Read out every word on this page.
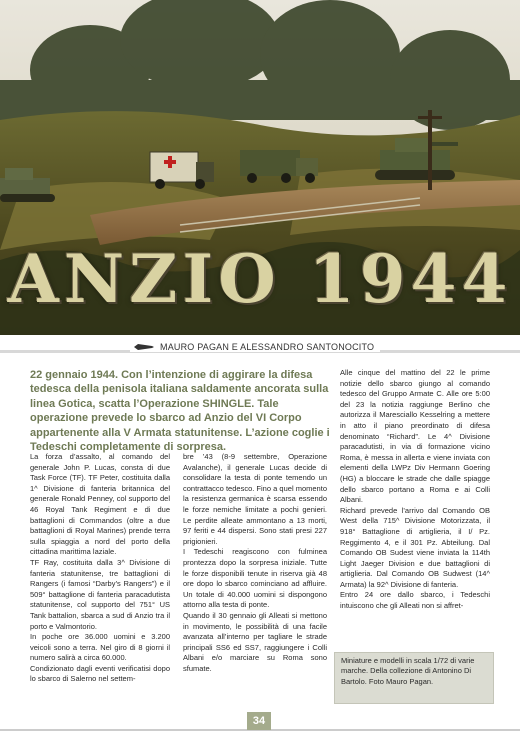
ANZIO 1944
MAURO PAGAN E ALESSANDRO SANTONOCITO
22 gennaio 1944. Con l’intenzione di aggirare la difesa tedesca della penisola italiana saldamente ancorata sulla linea Gotica, scatta l’Operazione SHINGLE. Tale operazione prevede lo sbarco ad Anzio del VI Corpo appartenente alla V Armata statunitense. L’azione coglie i Tedeschi completamente di sorpresa.

La forza d’assalto, al comando del generale John P. Lucas, consta di due Task Force (TF). TF Peter, costituita dalla 1^ Divisione di fanteria britannica del generale Ronald Penney, col supporto del 46 Royal Tank Regiment e di due battaglioni di Commandos (oltre a due battaglioni di Royal Marines) prende terra sulla spiaggia a nord del porto della cittadina marittima laziale.

TF Ray, costituita dalla 3^ Divisione di fanteria statunitense, tre battaglioni di Rangers (i famosi “Darby’s Rangers”) e il 509° battaglione di fanteria paracadutista statunitense, col supporto del 751° US Tank battalion, sbarca a sud di Anzio tra il porto e Valmontorio.

In poche ore 36.000 uomini e 3.200 veicoli sono a terra. Nel giro di 8 giorni il numero salirà a circa 60.000.

Condizionato dagli eventi verificatisi dopo lo sbarco di Salerno nel settem-

bre ’43 (8-9 settembre, Operazione Avalanche), il generale Lucas decide di consolidare la testa di ponte temendo un contrattacco tedesco. Fino a quel momento la resistenza germanica è scarsa essendo le forze nemiche limitate a pochi genieri. Le perdite alleate ammontano a 13 morti, 97 feriti e 44 dispersi. Sono stati presi 227 prigionieri.

I Tedeschi reagiscono con fulminea prontezza dopo la sorpresa iniziale. Tutte le forze disponibili tenute in riserva già 48 ore dopo lo sbarco cominciano ad affluire. Un totale di 40.000 uomini si dispongono attorno alla testa di ponte.

Quando il 30 gennaio gli Alleati si mettono in movimento, le possibilità di una facile avanzata all’interno per tagliare le strade principali SS6 ed SS7, raggiungere i Colli Albani e/o marciare su Roma sono sfumate.

Alle cinque del mattino del 22 le prime notizie dello sbarco giungo al comando tedesco del Gruppo Armate C. Alle ore 5:00 del 23 la notizia raggiunge Berlino che autorizza il Maresciallo Kesselring a mettere in atto il piano preordinato di difesa denominato “Richard”. Le 4^ Divisione paracadutisti, in via di formazione vicino Roma, è messa in allerta e viene inviata con elementi della LWPz Div Hermann Goering (HG) a bloccare le strade che dalle spiagge dello sbarco portano a Roma e ai Colli Albani.

Richard prevede l’arrivo dal Comando OB West della 715^ Divisione Motorizzata, il 918° Battaglione di artiglieria, il I/ Pz. Reggimento 4, e il 301 Pz. Abteilung. Dal Comando OB Sudest viene inviata la 114th Light Jaeger Division e due battaglioni di artiglieria. Dal Comando OB Sudwest (14^ Armata) la 92^ Divisione di fanteria.

Entro 24 ore dallo sbarco, i Tedeschi intuiscono che gli Alleati non si affret-

Miniature e modelli in scala 1/72 di varie marche. Della collezione di Antonino Di Bartolo. Foto Mauro Pagan.
34
